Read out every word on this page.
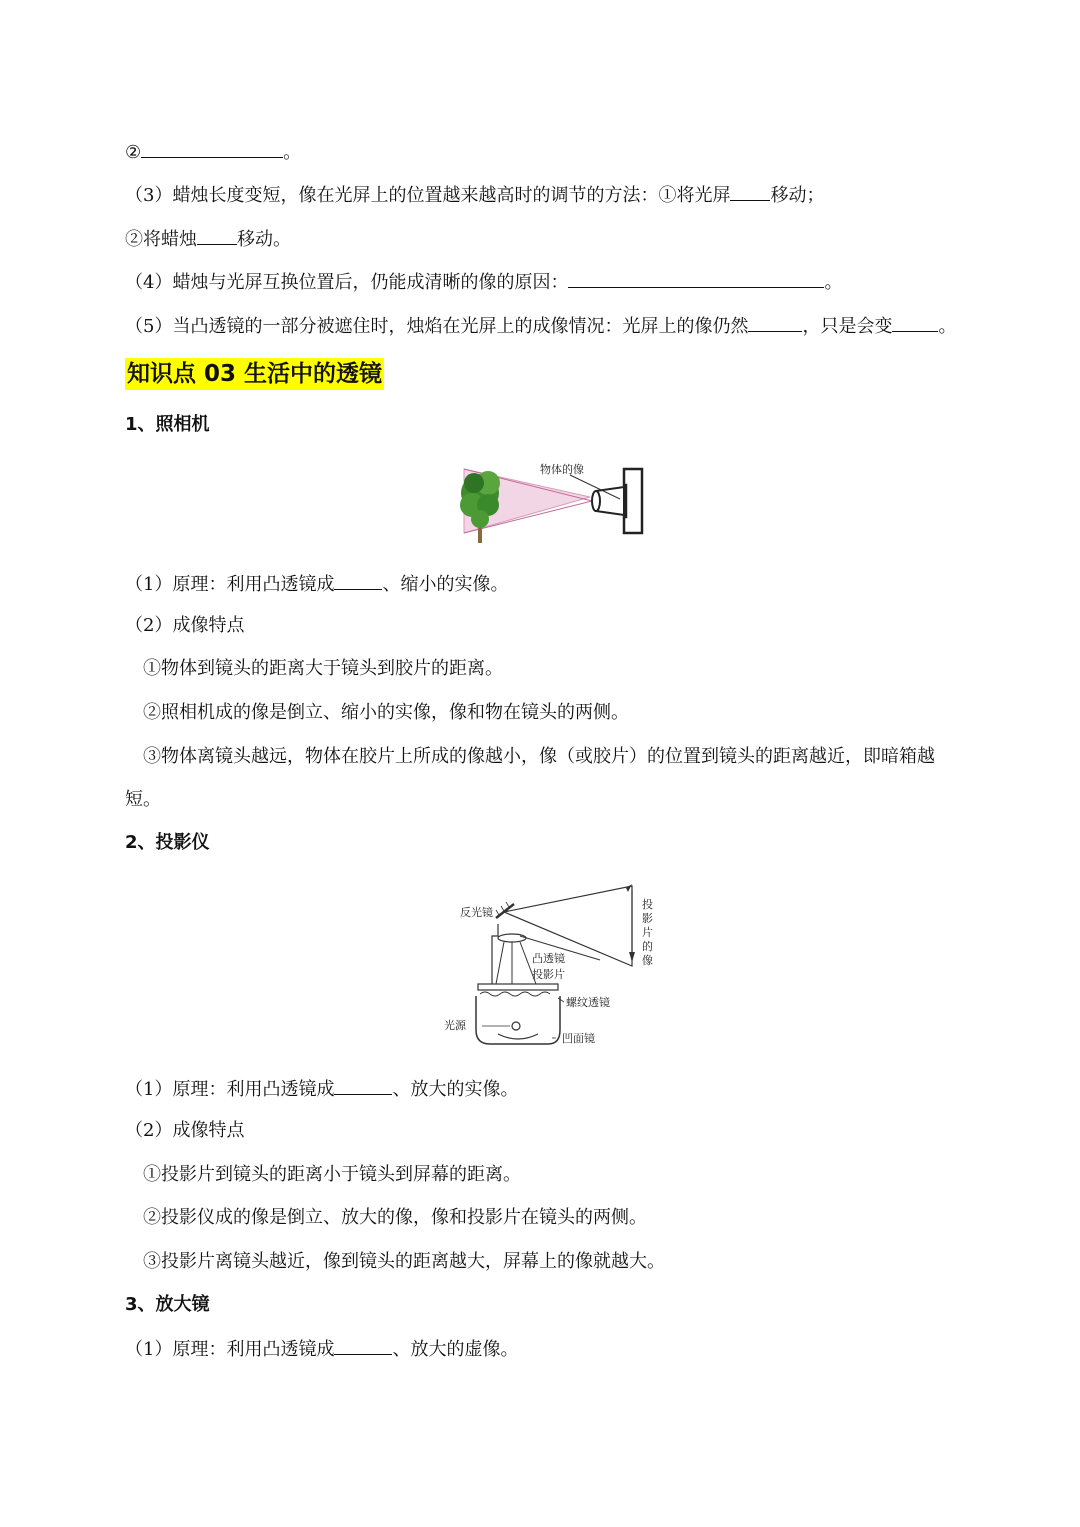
②	。
（3）蜡烛长度变短，像在光屏上的位置越来越高时的调节的方法：①将光屏 移动；
②将蜡烛 移动。
（4）蜡烛与光屏互换位置后，仍能成清晰的像的原因：	。
（5）当凸透镜的一部分被遮住时，烛焰在光屏上的成像情况：光屏上的像仍然	，只是会变	。
知识点 03 生活中的透镜
1、照相机
物体的像
（1）原理：利用凸透镜成	、缩小的实像。
（2）成像特点
①物体到镜头的距离大于镜头到胶片的距离。
②照相机成的像是倒立、缩小的实像，像和物在镜头的两侧。
③物体离镜头越远，物体在胶片上所成的像越小，像（或胶片）的位置到镜头的距离越近，即暗箱越
短。
2、投影仪
反光镜
凸透镜
投影片
螺纹透镜
光源
凹面镜
投
影
片
的
像
（1）原理：利用凸透镜成	、放大的实像。
（2）成像特点
①投影片到镜头的距离小于镜头到屏幕的距离。
②投影仪成的像是倒立、放大的像，像和投影片在镜头的两侧。
③投影片离镜头越近，像到镜头的距离越大，屏幕上的像就越大。
3、放大镜
（1）原理：利用凸透镜成	、放大的虚像。
